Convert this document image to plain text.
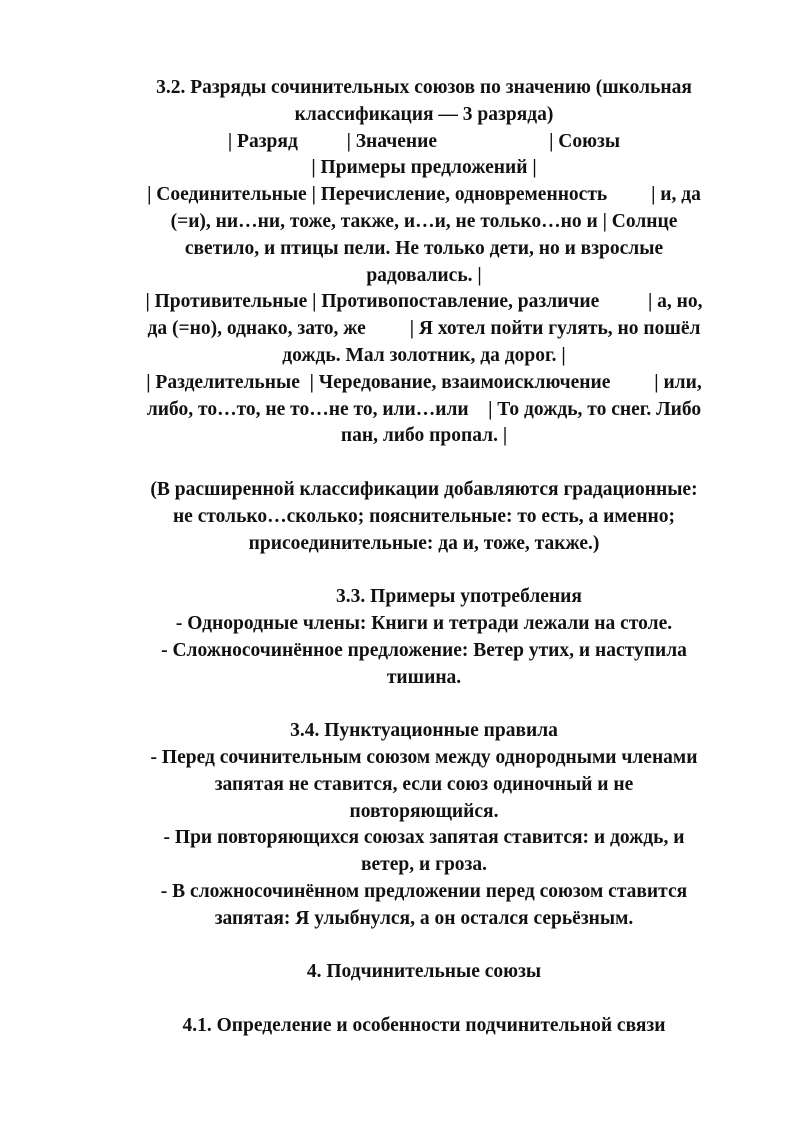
3.2. Разряды сочинительных союзов по значению (школьная
классификация — 3 разряда)
| Разряд          | Значение                       | Союзы
| Примеры предложений |
| Соединительные | Перечисление, одновременность         | и, да
(=и), ни…ни, тоже, также, и…и, не только…но и | Солнце
светило, и птицы пели. Не только дети, но и взрослые
радовались. |
| Противительные | Противопоставление, различие          | а, но,
да (=но), однако, зато, же         | Я хотел пойти гулять, но пошёл
дождь. Мал золотник, да дорог. |
| Разделительные  | Чередование, взаимоисключение         | или,
либо, то…то, не то…не то, или…или    | То дождь, то снег. Либо
пан, либо пропал. |
(В расширенной классификации добавляются градационные:
не столько…сколько; пояснительные: то есть, а именно;
присоединительные: да и, тоже, также.)
3.3. Примеры употребления
- Однородные члены: Книги и тетради лежали на столе.
- Сложносочинённое предложение: Ветер утих, и наступила
тишина.
3.4. Пунктуационные правила
- Перед сочинительным союзом между однородными членами
запятая не ставится, если союз одиночный и не
повторяющийся.
- При повторяющихся союзах запятая ставится: и дождь, и
ветер, и гроза.
- В сложносочинённом предложении перед союзом ставится
запятая: Я улыбнулся, а он остался серьёзным.
4. Подчинительные союзы
4.1. Определение и особенности подчинительной связи
